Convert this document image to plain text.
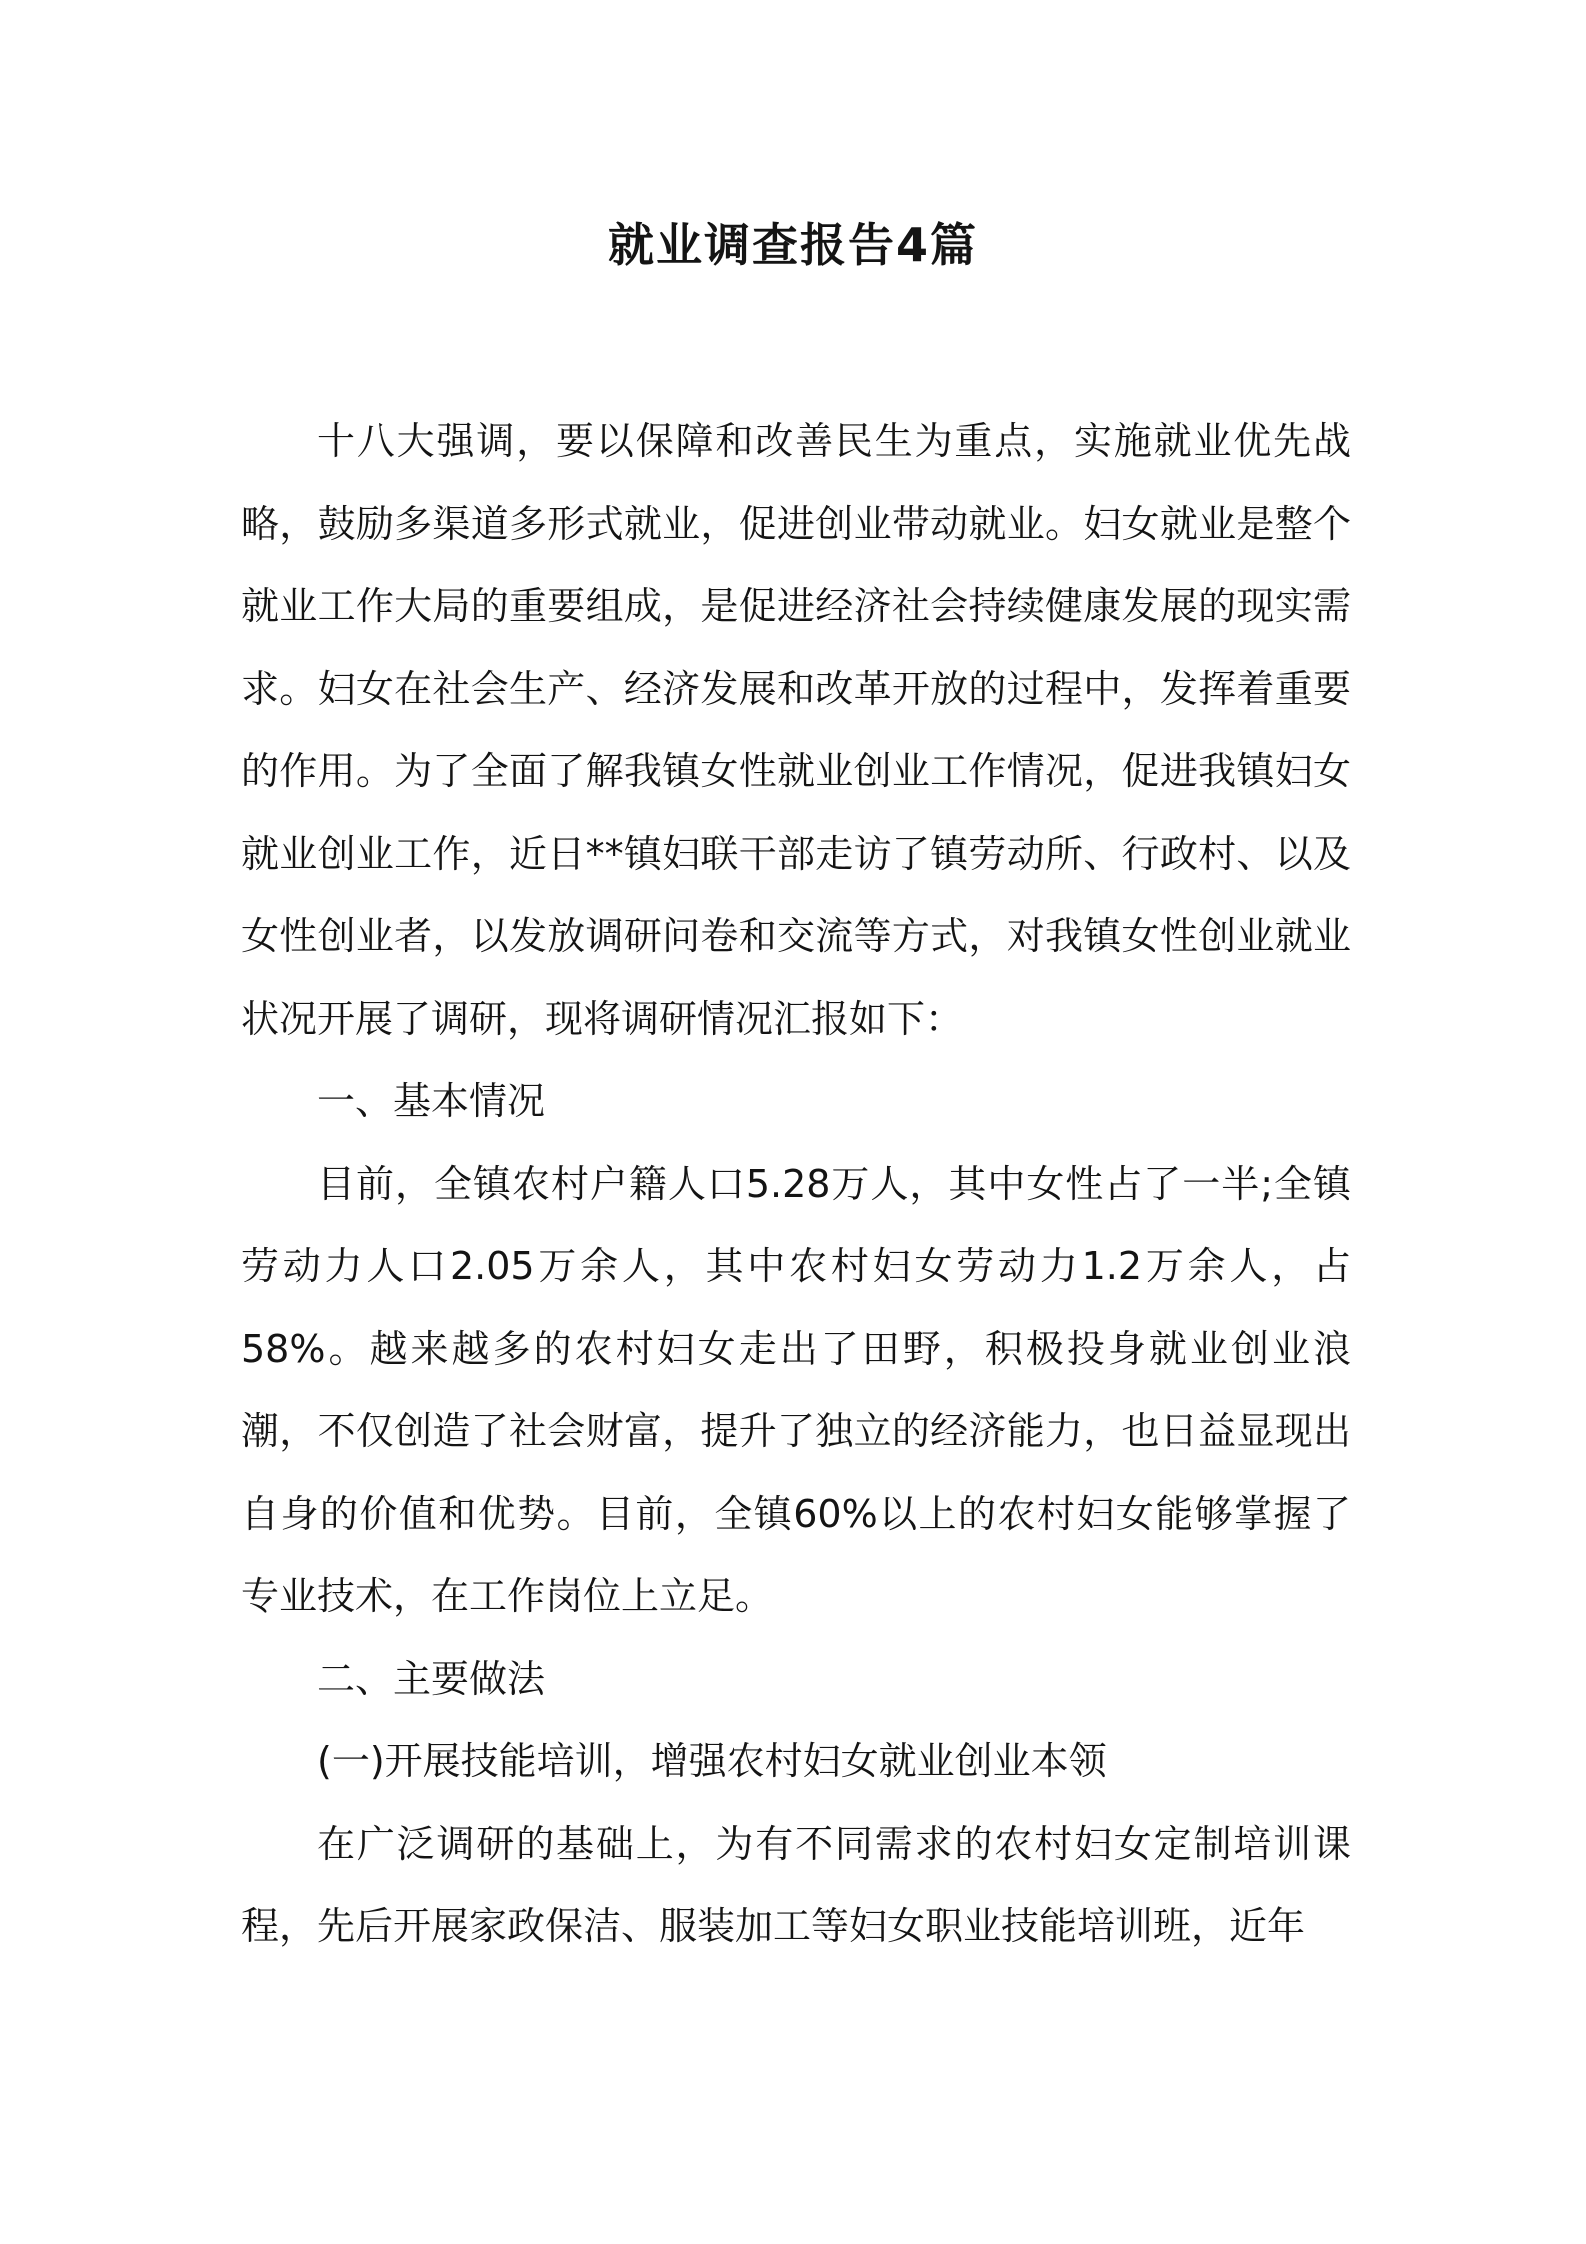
就业调查报告4篇

十八大强调，要以保障和改善民生为重点，实施就业优先战略，鼓励多渠道多形式就业，促进创业带动就业。妇女就业是整个就业工作大局的重要组成，是促进经济社会持续健康发展的现实需求。妇女在社会生产、经济发展和改革开放的过程中，发挥着重要的作用。为了全面了解我镇女性就业创业工作情况，促进我镇妇女就业创业工作，近日**镇妇联干部走访了镇劳动所、行政村、以及女性创业者，以发放调研问卷和交流等方式，对我镇女性创业就业状况开展了调研，现将调研情况汇报如下：

一、基本情况

目前，全镇农村户籍人口5.28万人，其中女性占了一半;全镇劳动力人口2.05万余人，其中农村妇女劳动力1.2万余人，占58%。越来越多的农村妇女走出了田野，积极投身就业创业浪潮，不仅创造了社会财富，提升了独立的经济能力，也日益显现出自身的价值和优势。目前，全镇60%以上的农村妇女能够掌握了专业技术，在工作岗位上立足。

二、主要做法

(一)开展技能培训，增强农村妇女就业创业本领

在广泛调研的基础上，为有不同需求的农村妇女定制培训课程，先后开展家政保洁、服装加工等妇女职业技能培训班，近年
